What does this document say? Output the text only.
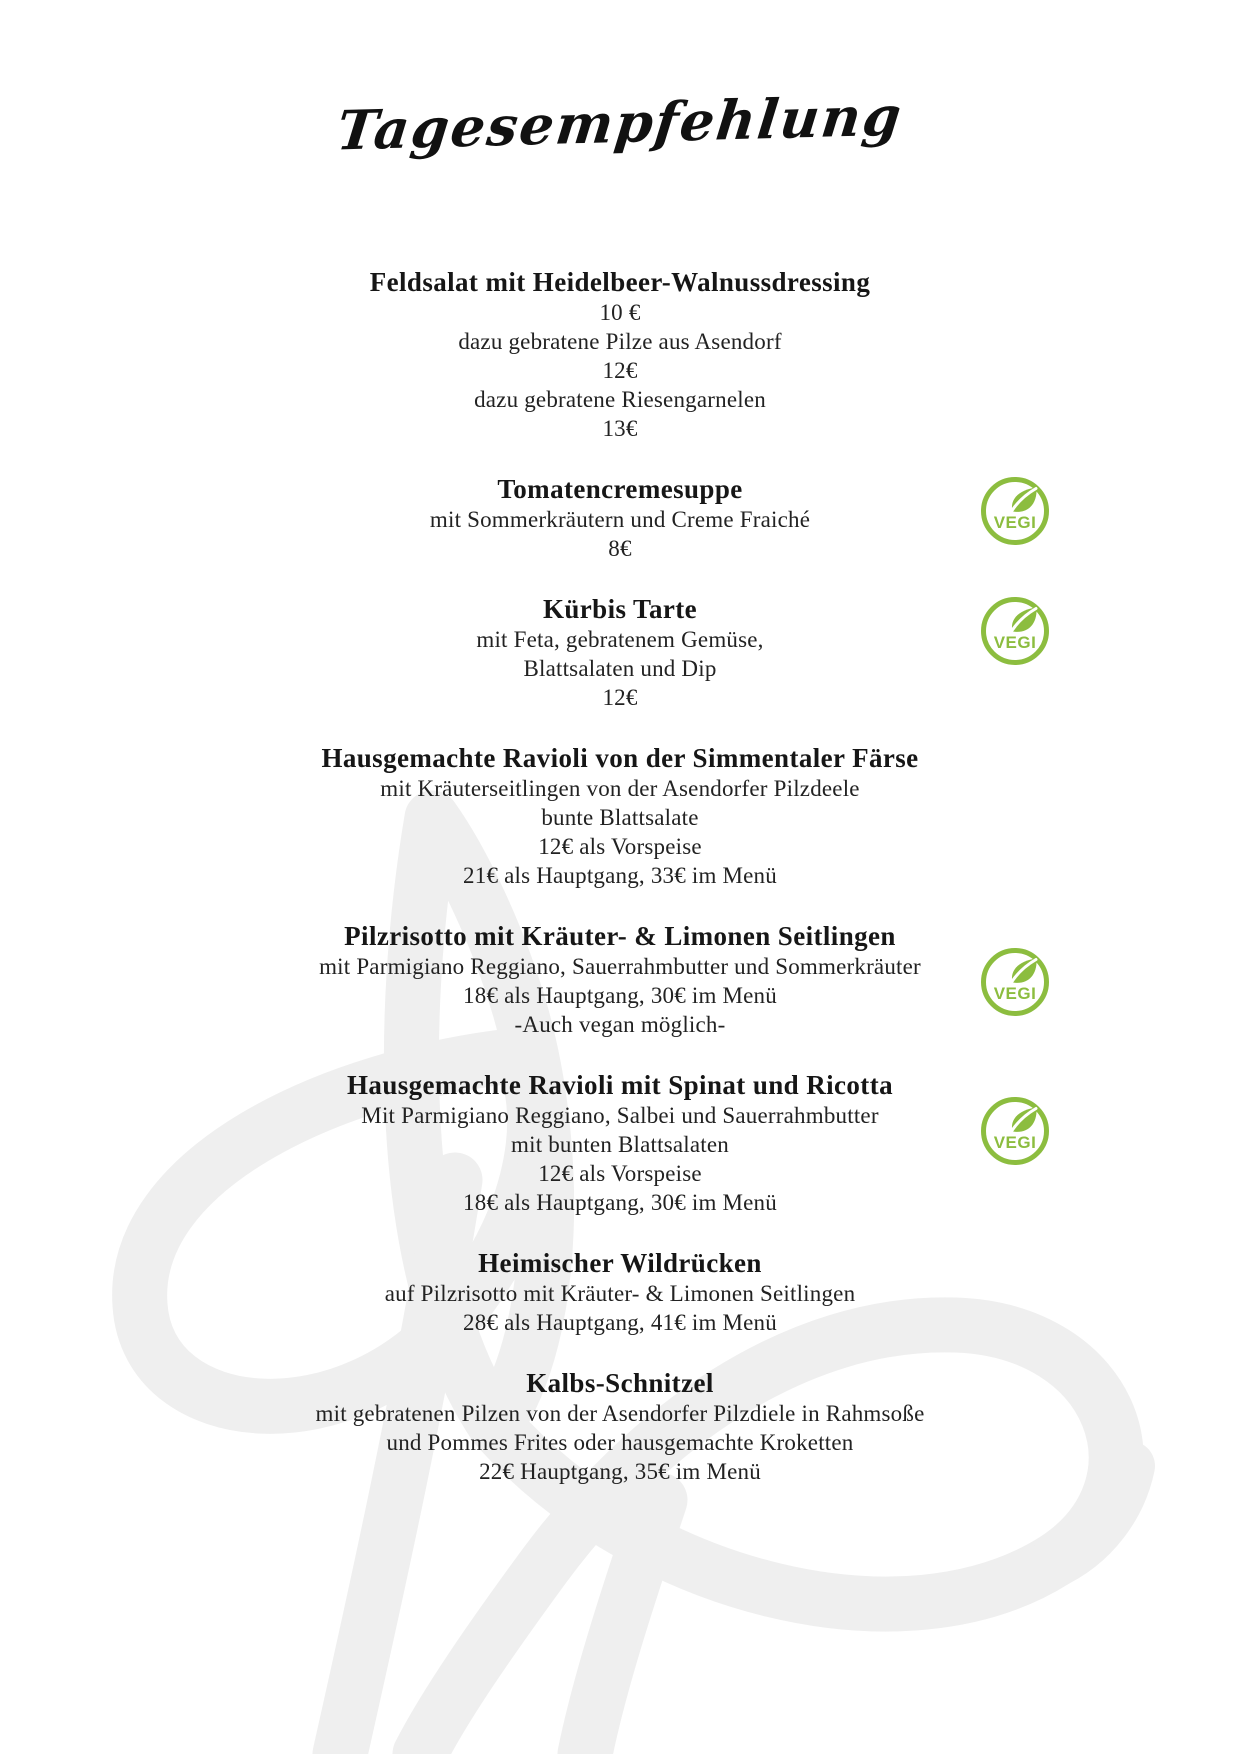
Tagesempfehlung
Feldsalat mit Heidelbeer-Walnussdressing

10 €

dazu gebratene Pilze aus Asendorf

12€

dazu gebratene Riesengarnelen

13€

Tomatencremesuppe

mit Sommerkräutern und Creme Fraiché

8€

VEGI
Kürbis Tarte

mit Feta, gebratenem Gemüse,

Blattsalaten und Dip

12€

VEGI
Hausgemachte Ravioli von der Simmentaler Färse

mit Kräuterseitlingen von der Asendorfer Pilzdeele

bunte Blattsalate

12€ als Vorspeise

21€ als Hauptgang, 33€ im Menü

Pilzrisotto mit Kräuter- & Limonen Seitlingen

mit Parmigiano Reggiano, Sauerrahmbutter und Sommerkräuter

18€ als Hauptgang, 30€ im Menü

-Auch vegan möglich-

VEGI
Hausgemachte Ravioli mit Spinat und Ricotta

Mit Parmigiano Reggiano, Salbei und Sauerrahmbutter

mit bunten Blattsalaten

12€ als Vorspeise

18€ als Hauptgang, 30€ im Menü

VEGI
Heimischer Wildrücken

auf Pilzrisotto mit Kräuter- & Limonen Seitlingen

28€ als Hauptgang, 41€ im Menü

Kalbs-Schnitzel

mit gebratenen Pilzen von der Asendorfer Pilzdiele in Rahmsoße

und Pommes Frites oder hausgemachte Kroketten

22€ Hauptgang, 35€ im Menü
